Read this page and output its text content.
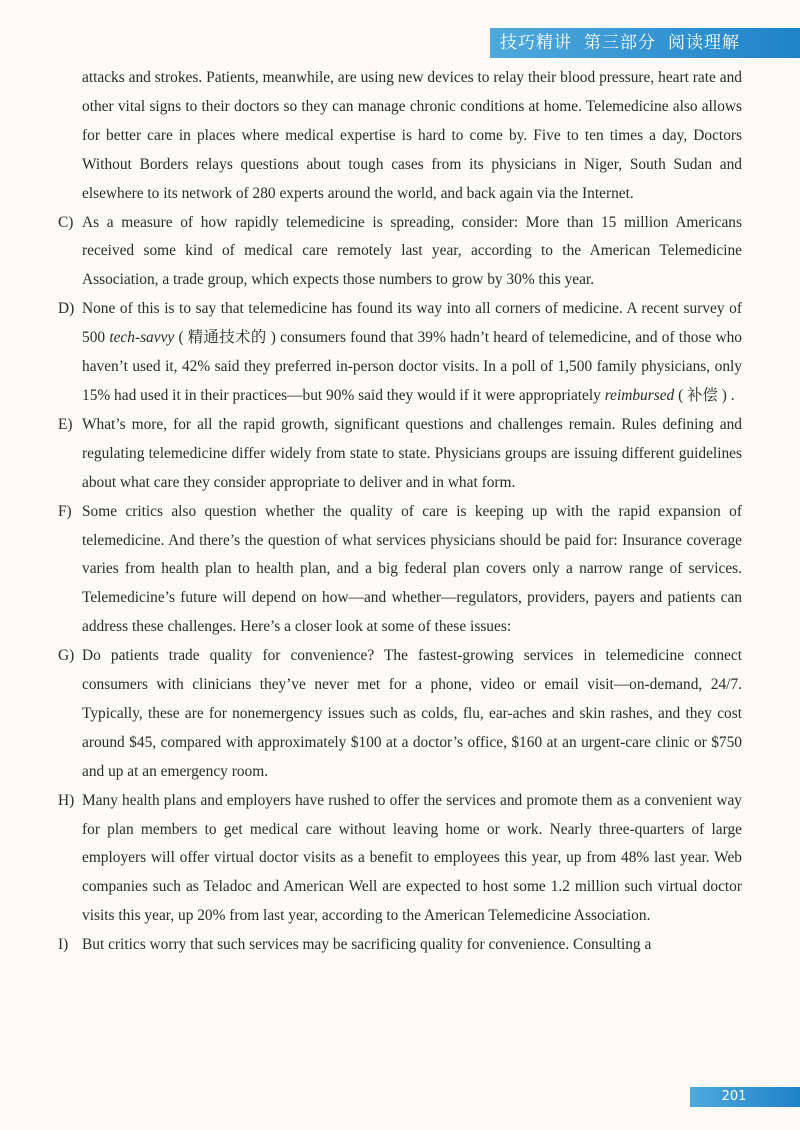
技巧精讲 第三部分 阅读理解

attacks and strokes. Patients, meanwhile, are using new devices to relay their blood pressure, heart rate and other vital signs to their doctors so they can manage chronic conditions at home. Telemedicine also allows for better care in places where medical expertise is hard to come by. Five to ten times a day, Doctors Without Borders relays questions about tough cases from its physicians in Niger, South Sudan and elsewhere to its network of 280 experts around the world, and back again via the Internet.

C) As a measure of how rapidly telemedicine is spreading, consider: More than 15 million Americans received some kind of medical care remotely last year, according to the American Telemedicine Association, a trade group, which expects those numbers to grow by 30% this year.

D) None of this is to say that telemedicine has found its way into all corners of medicine. A recent survey of 500 tech-savvy ( 精通技术的 ) consumers found that 39% hadn’t heard of telemedicine, and of those who haven’t used it, 42% said they preferred in-person doctor visits. In a poll of 1,500 family physicians, only 15% had used it in their practices—but 90% said they would if it were appropriately reimbursed ( 补偿 ) .

E) What’s more, for all the rapid growth, significant questions and challenges remain. Rules defining and regulating telemedicine differ widely from state to state. Physicians groups are issuing different guidelines about what care they consider appropriate to deliver and in what form.

F) Some critics also question whether the quality of care is keeping up with the rapid expansion of telemedicine. And there’s the question of what services physicians should be paid for: Insurance coverage varies from health plan to health plan, and a big federal plan covers only a narrow range of services. Telemedicine’s future will depend on how—and whether—regulators, providers, payers and patients can address these challenges. Here’s a closer look at some of these issues:

G) Do patients trade quality for convenience? The fastest-growing services in telemedicine connect consumers with clinicians they’ve never met for a phone, video or email visit—on-demand, 24/7. Typically, these are for nonemergency issues such as colds, flu, ear-aches and skin rashes, and they cost around $45, compared with approximately $100 at a doctor’s office, $160 at an urgent-care clinic or $750 and up at an emergency room.

H) Many health plans and employers have rushed to offer the services and promote them as a convenient way for plan members to get medical care without leaving home or work. Nearly three-quarters of large employers will offer virtual doctor visits as a benefit to employees this year, up from 48% last year. Web companies such as Teladoc and American Well are expected to host some 1.2 million such virtual doctor visits this year, up 20% from last year, according to the American Telemedicine Association.

I) But critics worry that such services may be sacrificing quality for convenience. Consulting a

201
